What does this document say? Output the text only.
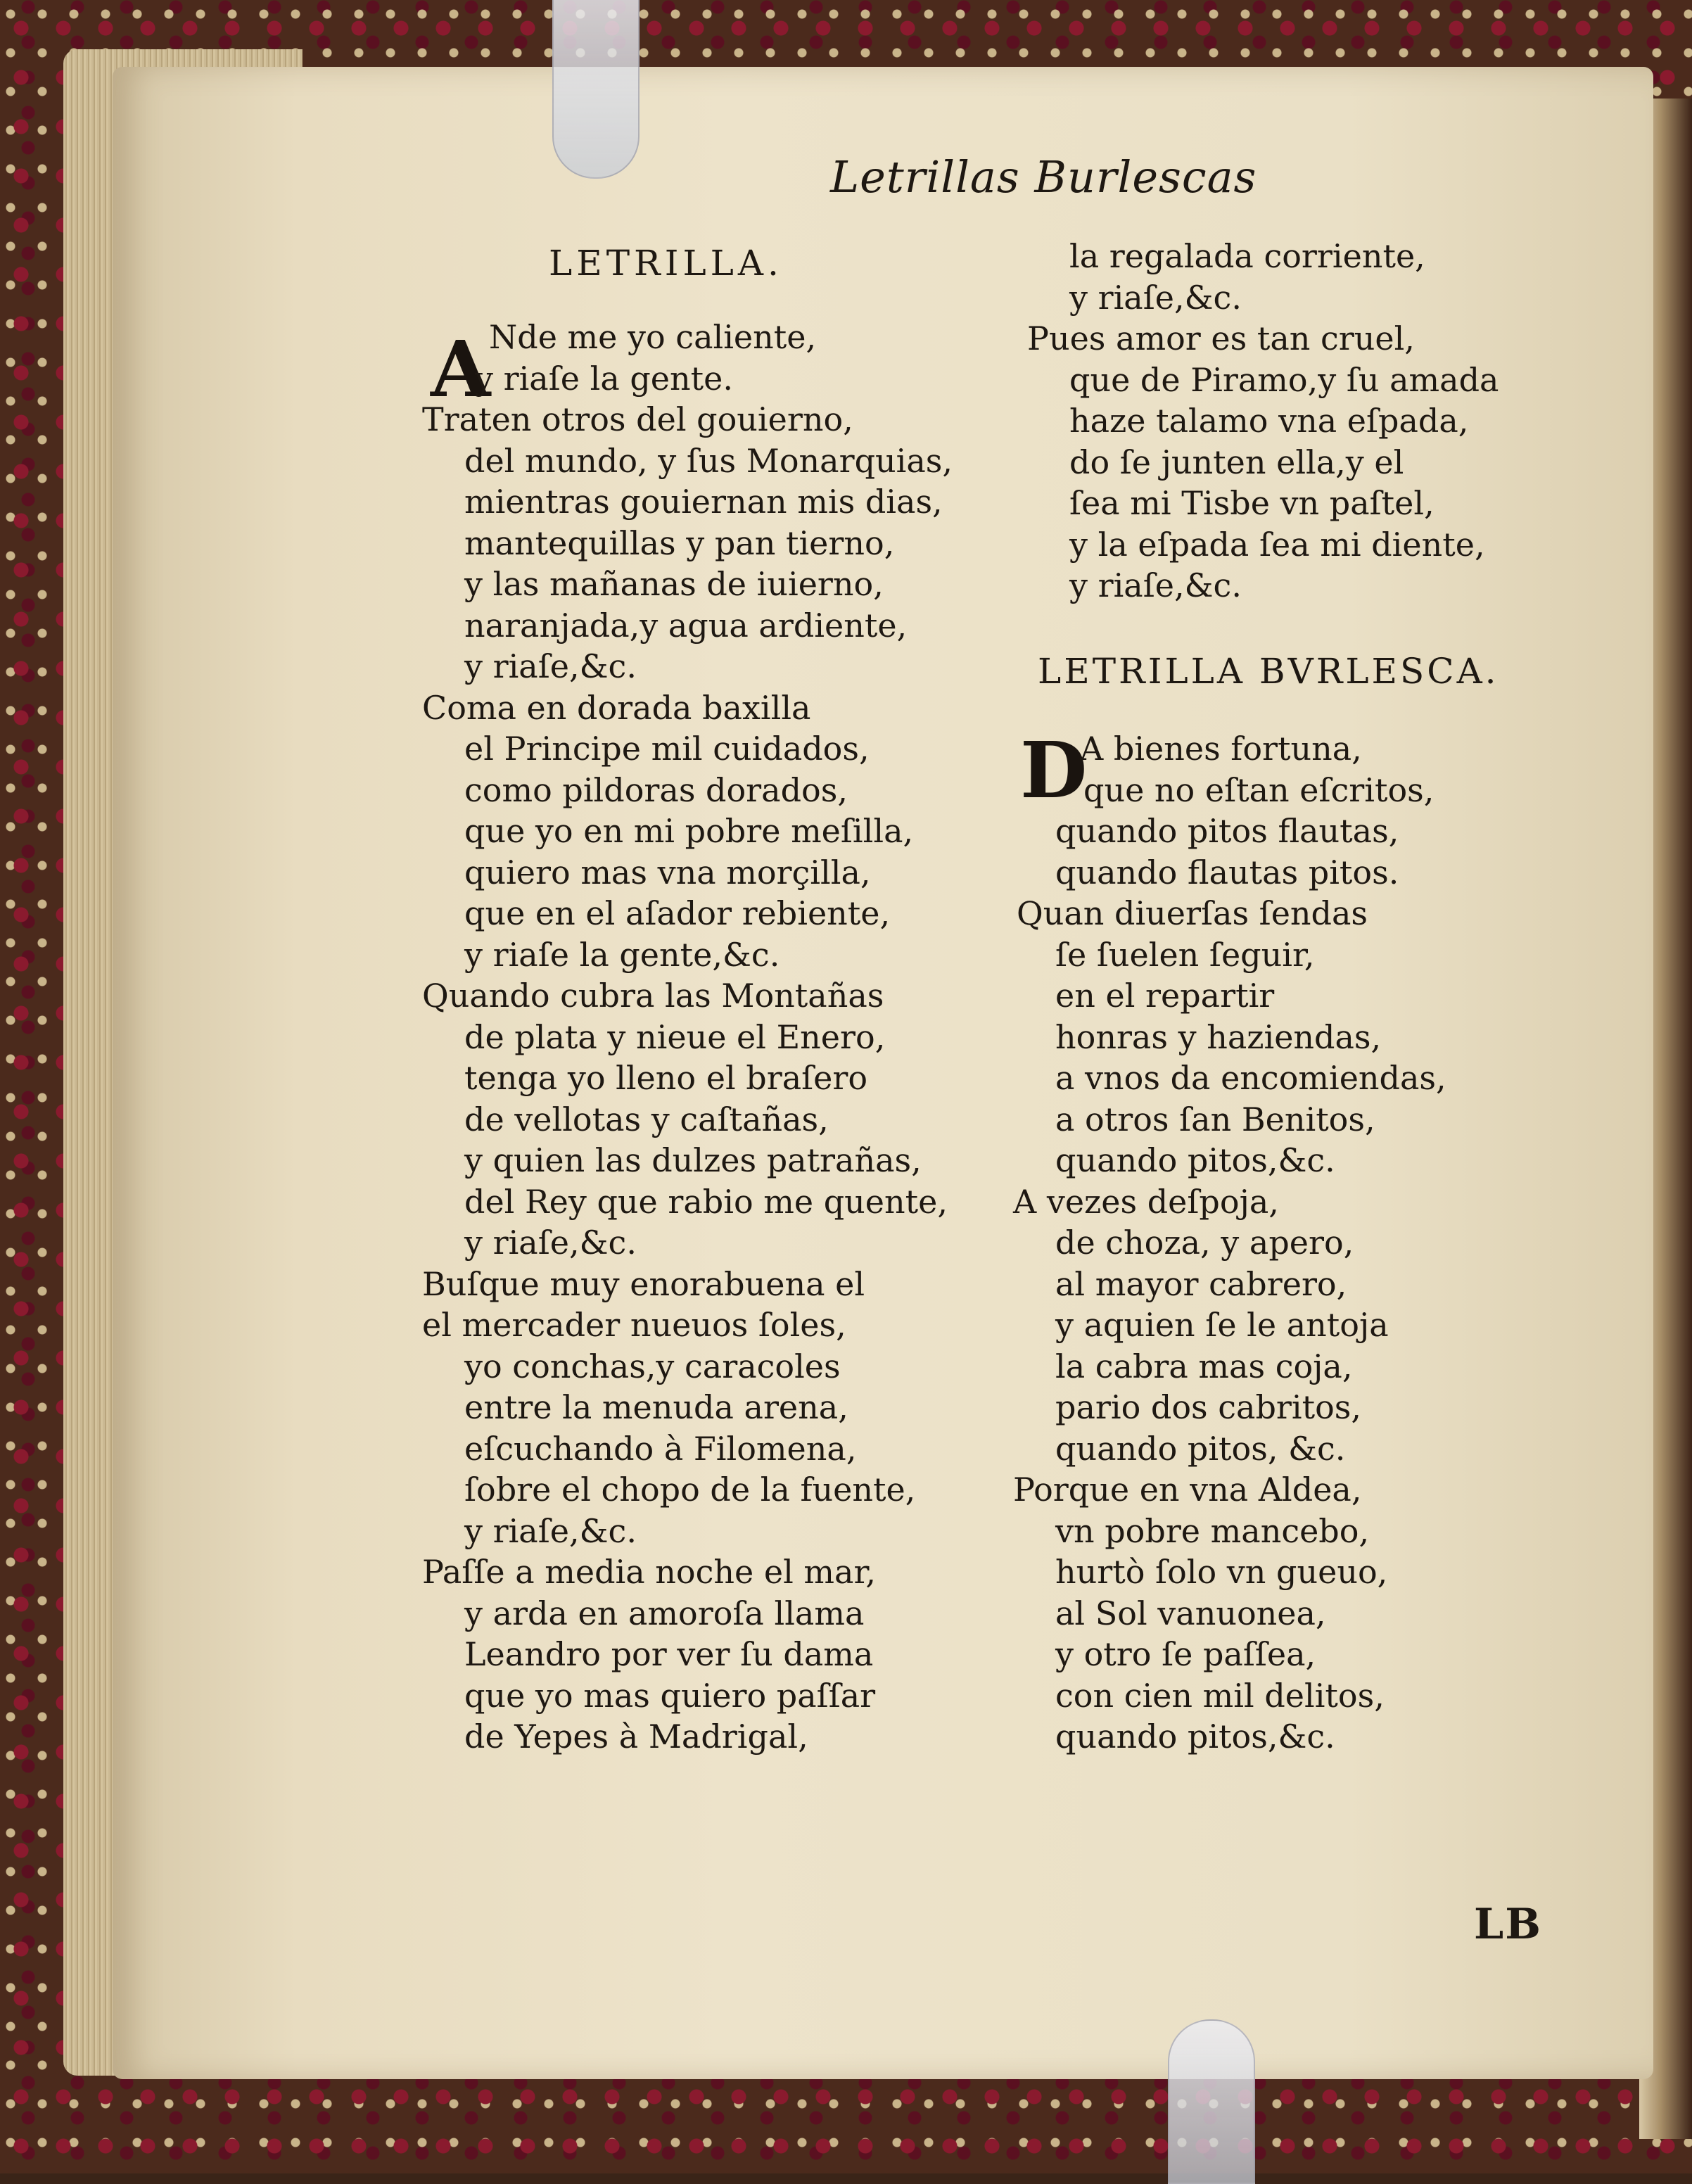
Letrillas Burlescas
LETRILLA.
A
Nde me yo caliente,
y riaſe la gente.
Traten otros del gouierno,
del mundo, y ſus Monarquias,
mientras gouiernan mis dias,
mantequillas y pan tierno,
y las mañanas de iuierno,
naranjada,y agua ardiente,
y riaſe,&c.
Coma en dorada baxilla
el Principe mil cuidados,
como pildoras dorados,
que yo en mi pobre meſilla,
quiero mas vna morçilla,
que en el aſador rebiente,
y riaſe la gente,&c.
Quando cubra las Montañas
de plata y nieue el Enero,
tenga yo lleno el braſero
de vellotas y caſtañas,
y quien las dulzes patrañas,
del Rey que rabio me quente,
y riaſe,&c.
Buſque muy enorabuena el
el mercader nueuos ſoles,
yo conchas,y caracoles
entre la menuda arena,
eſcuchando à Filomena,
ſobre el chopo de la fuente,
y riaſe,&c.
Paſſe a media noche el mar,
y arda en amoroſa llama
Leandro por ver ſu dama
que yo mas quiero paſſar
de Yepes à Madrigal,
la regalada corriente,
y riaſe,&c.
Pues amor es tan cruel,
que de Piramo,y ſu amada
haze talamo vna eſpada,
do ſe junten ella,y el
ſea mi Tisbe vn paſtel,
y la eſpada ſea mi diente,
y riaſe,&c.
LETRILLA BVRLESCA.
D
A bienes fortuna,
que no eſtan eſcritos,
quando pitos flautas,
quando flautas pitos.
Quan diuerſas ſendas
ſe ſuelen ſeguir,
en el repartir
honras y haziendas,
a vnos da encomiendas,
a otros ſan Benitos,
quando pitos,&c.
A vezes deſpoja,
de choza, y apero,
al mayor cabrero,
y aquien ſe le antoja
la cabra mas coja,
pario dos cabritos,
quando pitos, &c.
Porque en vna Aldea,
vn pobre mancebo,
hurtò ſolo vn gueuo,
al Sol vanuonea,
y otro ſe paſſea,
con cien mil delitos,
quando pitos,&c.
LB
